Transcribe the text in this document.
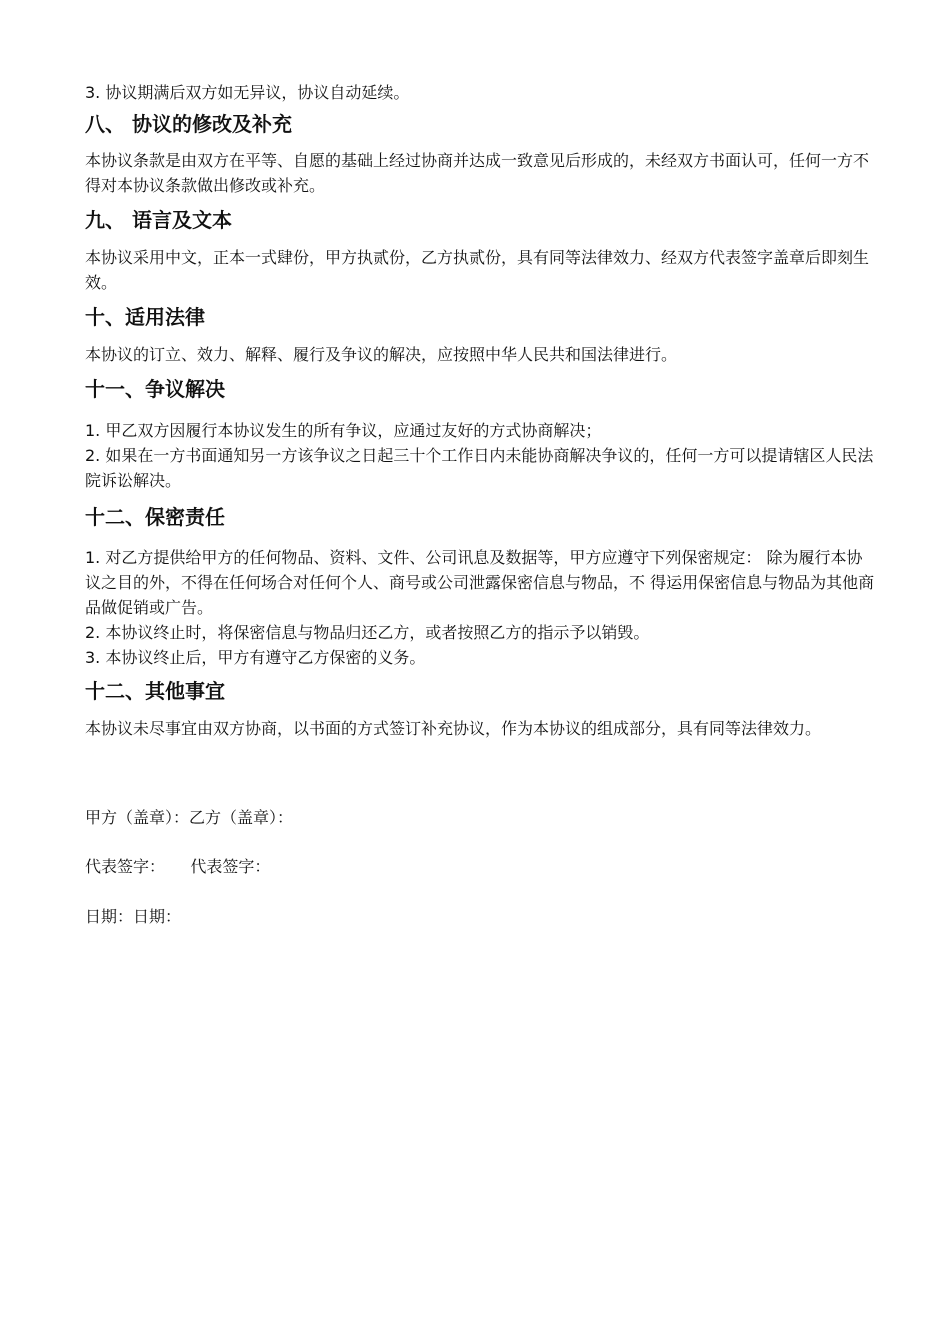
3. 协议期满后双方如无异议，协议自动延续。

八、 协议的修改及补充

本协议条款是由双方在平等、自愿的基础上经过协商并达成一致意见后形成的，未经双方书面认可，任何一方不得对本协议条款做出修改或补充。

九、 语言及文本

本协议采用中文，正本一式肆份，甲方执贰份，乙方执贰份，具有同等法律效力、经双方代表签字盖章后即刻生效。

十、适用法律

本协议的订立、效力、解释、履行及争议的解决，应按照中华人民共和国法律进行。

十一、争议解决

1. 甲乙双方因履行本协议发生的所有争议，应通过友好的方式协商解决；

2. 如果在一方书面通知另一方该争议之日起三十个工作日内未能协商解决争议的，任何一方可以提请辖区人民法院诉讼解决。

十二、保密责任

1. 对乙方提供给甲方的任何物品、资料、文件、公司讯息及数据等，甲方应遵守下列保密规定： 除为履行本协议之目的外，不得在任何场合对任何个人、商号或公司泄露保密信息与物品，不 得运用保密信息与物品为其他商品做促销或广告。

2. 本协议终止时，将保密信息与物品归还乙方，或者按照乙方的指示予以销毁。

3. 本协议终止后，甲方有遵守乙方保密的义务。

十二、其他事宜

本协议未尽事宜由双方协商，以书面的方式签订补充协议，作为本协议的组成部分，具有同等法律效力。

甲方（盖章）：乙方（盖章）：

代表签字：     代表签字：

日期：日期：
